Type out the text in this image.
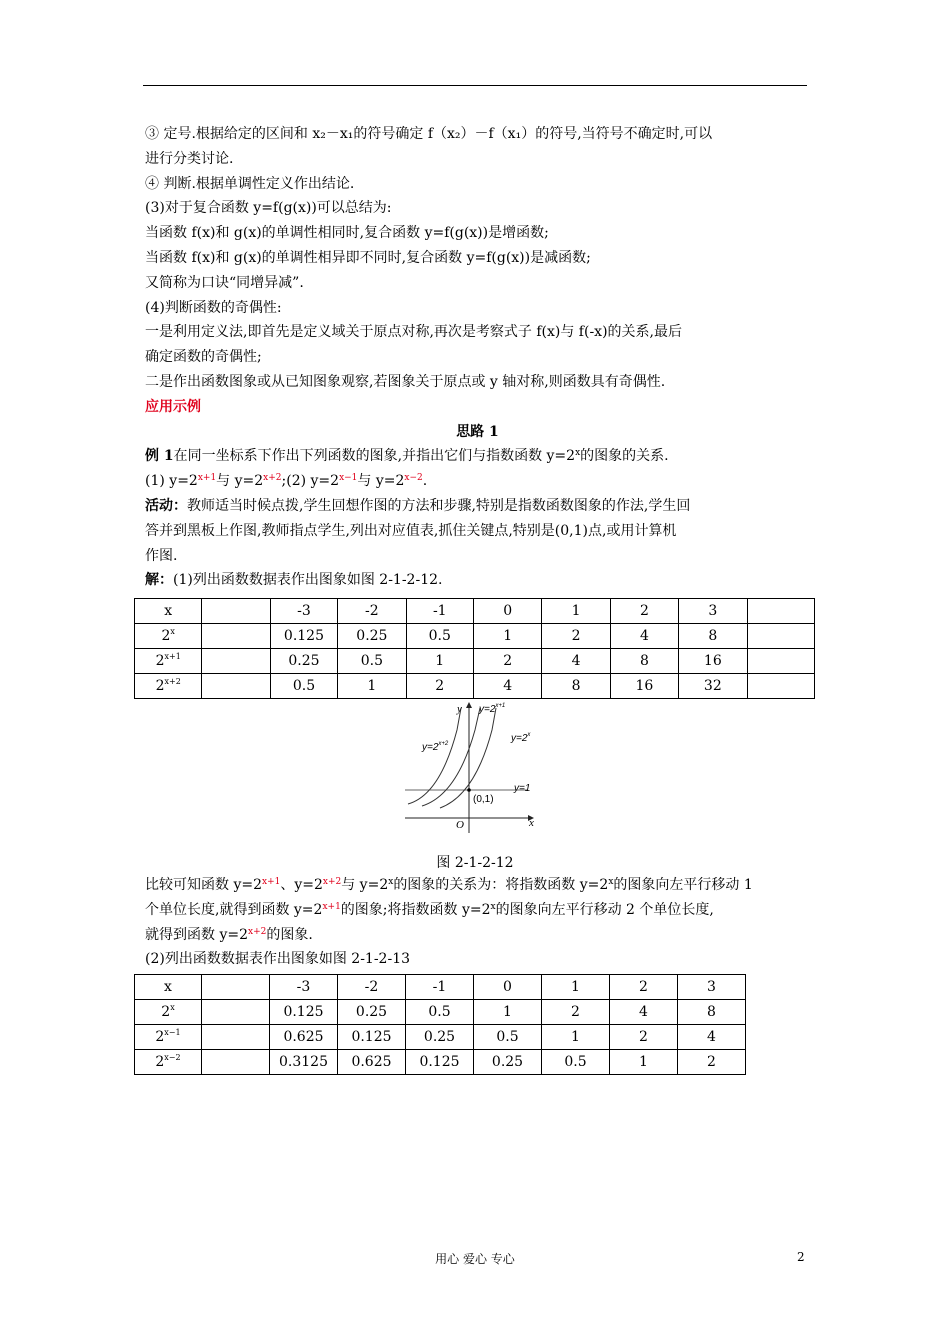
③ 定号.根据给定的区间和 x₂－x₁的符号确定 f（x₂）－f（x₁）的符号,当符号不确定时,可以
进行分类讨论.
④ 判断.根据单调性定义作出结论.
(3)对于复合函数 y=f(g(x))可以总结为:
当函数 f(x)和 g(x)的单调性相同时,复合函数 y=f(g(x))是增函数;
当函数 f(x)和 g(x)的单调性相异即不同时,复合函数 y=f(g(x))是减函数;
又简称为口诀“同增异减”.
(4)判断函数的奇偶性:
一是利用定义法,即首先是定义域关于原点对称,再次是考察式子 f(x)与 f(-x)的关系,最后
确定函数的奇偶性;
二是作出函数图象或从已知图象观察,若图象关于原点或 y 轴对称,则函数具有奇偶性.
应用示例
思路 1
例 1在同一坐标系下作出下列函数的图象,并指出它们与指数函数 $y=2^x$的图象的关系.
(1) $y=2^{x+1}$与 $y=2^{x+2};(2)$ $y=2^{x-1}$与 $y=2^{x-2}$.
活动：教师适当时候点拨,学生回想作图的方法和步骤,特别是指数函数图象的作法,学生回
答并到黑板上作图,教师指点学生,列出对应值表,抓住关键点,特别是(0,1)点,或用计算机
作图.
解：(1)列出函数数据表作出图象如图 2-1-2-12.
x		-3	-2	-1	0	1	2	3	
2$^x$		0.125	0.25	0.5	1	2	4	8	
$2^{x+1}$		0.25	0.5	1	2	4	8	16	
$2^{x+2}$		0.5	1	2	4	8	16	32	
y
x
O
(0,1)
y=1
$y=2^{x+1}$
$y=2^{x+2}$	$y=2^x$
图 2-1-2-12
比较可知函数 $y=2^{x+1}$、$y=2^{x+2}$与 $y=2^x$的图象的关系为：将指数函数 $y=2^x$的图象向左平行移动 1
个单位长度,就得到函数 $y=2^{x+1}$的图象;将指数函数 $y=2^x$的图象向左平行移动 2 个单位长度,
就得到函数 $y=2^{x+2}$的图象.
(2)列出函数数据表作出图象如图 2-1-2-13
x		-3	-2	-1	0	1	2	3
2$^x$		0.125	0.25	0.5	1	2	4	8
$2^{x-1}$		0.625	0.125	0.25	0.5	1	2	4
$2^{x-2}$		0.3125	0.625	0.125	0.25	0.5	1	2
用心 爱心 专心	2
